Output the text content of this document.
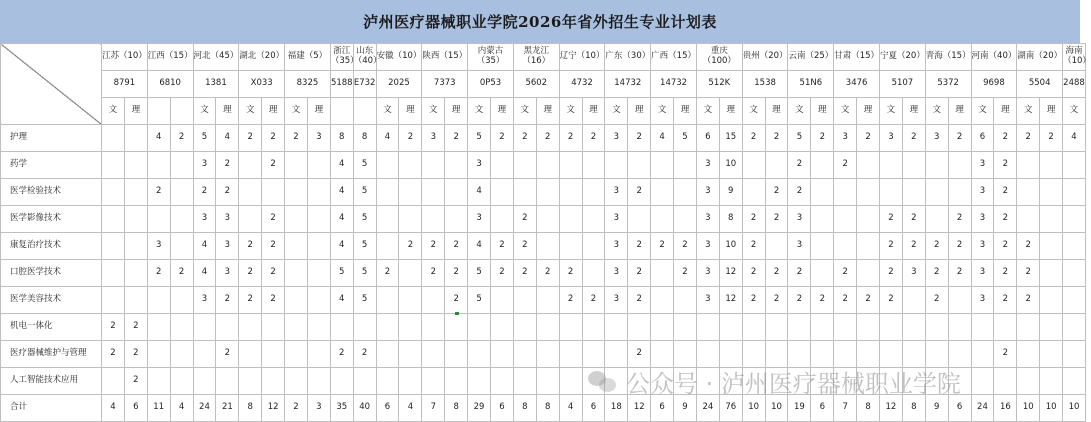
泸州医疗器械职业学院2026年省外招生专业计划表
	江苏（10）		江西（15）		河北（45）		湖北（20）		福建（5）		浙江（35）	山东（40）	安徽（10）		陕西（15）		内蒙古（35）		黑龙江（16）		辽宁（10）		广东（30）		广西（15）		重庆（100）		贵州（20）		云南（25）		甘肃（15）		宁夏（20）		青海（15）		河南（40）		湖南（20）		海南（10）
	8791		6810		1381		X033		8325		5188	E732	2025		7373		0P53		5602		4732		14732		14732		512K		1538		51N6		3476		5107		5372		9698		5504		2488
	文	理			文	理	文	理	文	理			文	理	文	理	文	理	文	理	文	理	文	理	文	理	文	理	文	理	文	理	文	理	文	理	文	理	文	理	文	理	文
护理			4	2	5	4	2	2	2	3	8	8	4	2	3	2	5	2	2	2	2	2	3	2	4	5	6	15	2	2	5	2	3	2	3	2	3	2	6	2	2	2	4
药学					3	2		2			4	5					3										3	10			2		2						3	2			
医学检验技术			2		2	2					4	5					4						3	2			3	9		2	2								3	2			
医学影像技术					3	3		2			4	5					3		2				3				3	8	2	2	3				2	2		2	3	2			
康复治疗技术			3		4	3	2	2			4	5		2	2	2	4	2	2				3	2	2	2	3	10	2		3				2	2	2	2	3	2	2		
口腔医学技术			2	2	4	3	2	2			5	5	2		2	2	5	2	2	2	2		3	2		2	3	12	2	2	2		2		2	3	2	2	3	2	2		
医学美容技术					3	2	2	2			4	5				2	5				2	2	3	2			3	12	2	2	2	2	2	2	2		2		3	2	2		
机电一体化	2	2																																									
医疗器械维护与管理	2	2				2					2	2												2																2			
人工智能技术应用		2																																									
合计	4	6	11	4	24	21	8	12	2	3	35	40	6	4	7	8	29	6	8	8	4	6	18	12	6	9	24	76	10	10	19	6	7	8	12	8	9	6	24	16	10	10	10
公众号 · 泸州医疗器械职业学院
